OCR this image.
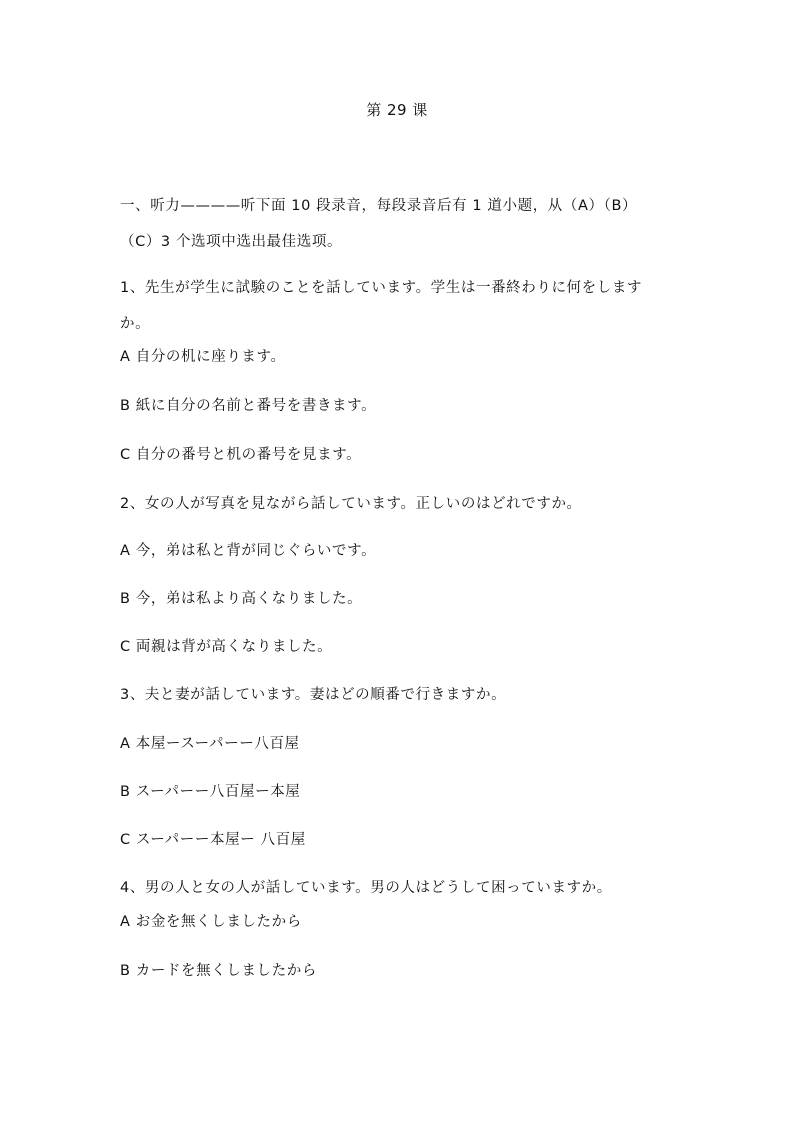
第 29 课
一、听力————听下面 10 段录音，每段录音后有 1 道小题，从（A）（B）
（C）3 个选项中选出最佳选项。
1、先生が学生に試験のことを話しています。学生は一番終わりに何をします
か。
A 自分の机に座ります。
B 紙に自分の名前と番号を書きます。
C 自分の番号と机の番号を見ます。
2、女の人が写真を見ながら話しています。正しいのはどれですか。
A 今，弟は私と背が同じぐらいです。
B 今，弟は私より高くなりました。
C 両親は背が高くなりました。
3、夫と妻が話しています。妻はどの順番で行きますか。
A 本屋ースーパーー八百屋
B スーパーー八百屋ー本屋
C スーパーー本屋ー 八百屋
4、男の人と女の人が話しています。男の人はどうして困っていますか。
A お金を無くしましたから
B カードを無くしましたから
